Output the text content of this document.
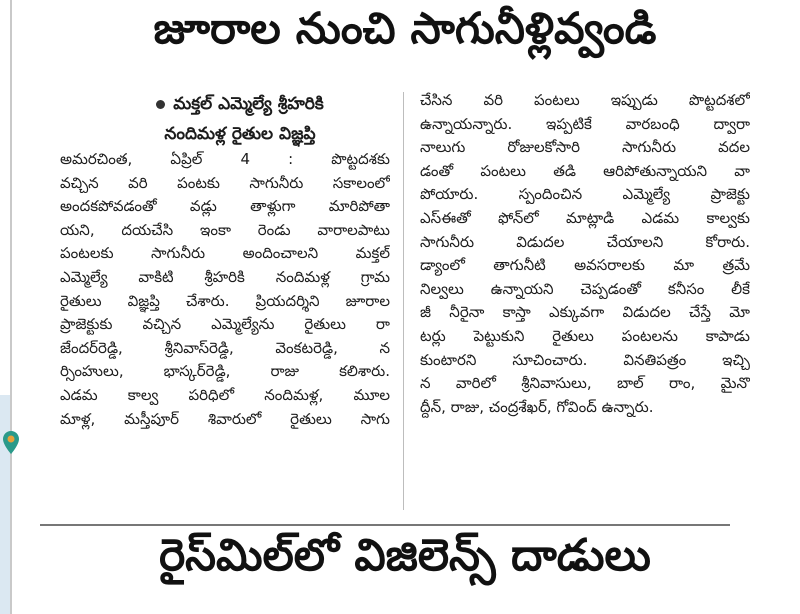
జూరాల నుంచి సాగునీళ్లివ్వండి
మక్తల్ ఎమ్మెల్యే శ్రీహరికి
నందిమళ్ల రైతుల విజ్ఞప్తి
అమరచింత, ఏప్రిల్ 4 : పొట్టదశకు
వచ్చిన వరి పంటకు సాగునీరు సకాలంలో
అందకపోవడంతో వడ్లు తాళ్లుగా మారిపోతా
యని, దయచేసి ఇంకా రెండు వారాలపాటు
పంటలకు సాగునీరు అందించాలని మక్తల్
ఎమ్మెల్యే వాకిటి శ్రీహరికి నందిమళ్ల గ్రామ
రైతులు విజ్ఞప్తి చేశారు. ప్రియదర్శిని జూరాల
ప్రాజెక్టుకు వచ్చిన ఎమ్మెల్యేను రైతులు రా
జేందర్‌రెడ్డి, శ్రీనివాస్‌రెడ్డి, వెంకటరెడ్డి, న
ర్సింహులు, భాస్కర్‌రెడ్డి, రాజు కలిశారు.
ఎడమ కాల్వ పరిధిలో నందిమళ్ల, మూల
మాళ్ల, మస్తీపూర్ శివారులో రైతులు సాగు
చేసిన వరి పంటలు ఇప్పుడు పొట్టదశలో
ఉన్నాయన్నారు. ఇప్పటికే వారబంధి ద్వారా
నాలుగు రోజులకోసారి సాగునీరు వదల
డంతో పంటలు తడి ఆరిపోతున్నాయని వా
పోయారు. స్పందించిన ఎమ్మెల్యే ప్రాజెక్టు
ఎస్ఈతో ఫోన్‌లో మాట్లాడి ఎడమ కాల్వకు
సాగునీరు విడుదల చేయాలని కోరారు.
డ్యాంలో తాగునీటి అవసరాలకు మా త్రమే
నిల్వలు ఉన్నాయని చెప్పడంతో కనీసం లీకే
జీ నీరైనా కాస్తా ఎక్కువగా విడుదల చేస్తే మో
టర్లు పెట్టుకుని రైతులు పంటలను కాపాడు
కుంటారని సూచించారు. వినతిపత్రం ఇచ్చి
న వారిలో శ్రీనివాసులు, బాల్ రాం, మైనొ
ద్దీన్, రాజు, చంద్రశేఖర్, గోవింద్ ఉన్నారు.
రైస్‌మిల్‌లో విజిలెన్స్ దాడులు
